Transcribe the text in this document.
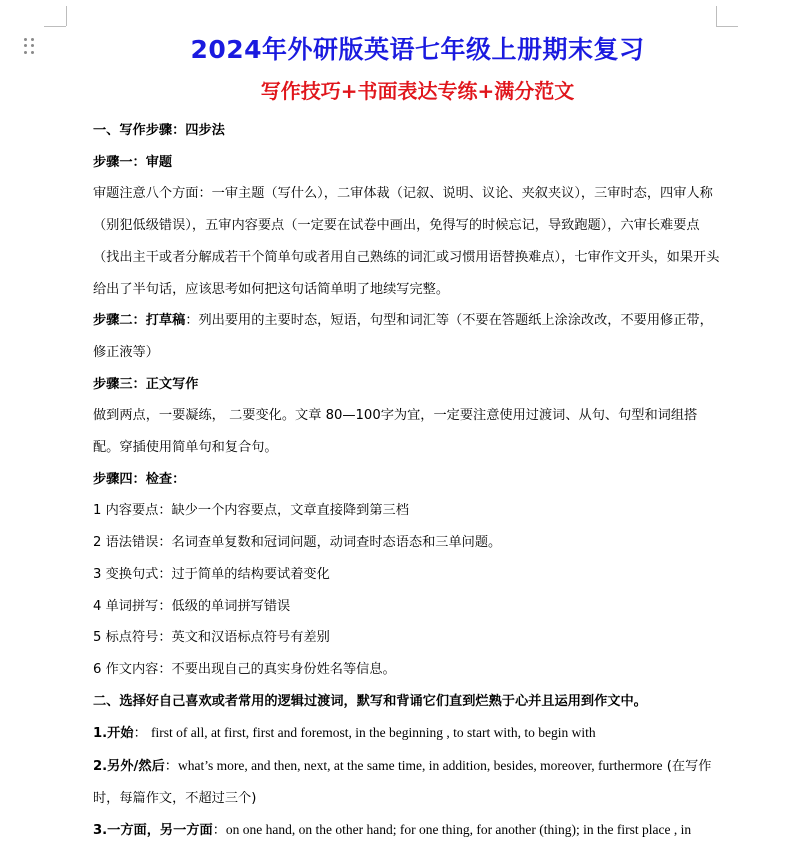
2024年外研版英语七年级上册期末复习
写作技巧+书面表达专练+满分范文

一、写作步骤：四步法

步骤一：审题

审题注意八个方面：一审主题（写什么），二审体裁（记叙、说明、议论、夹叙夹议），三审时态，四审人称（别犯低级错误），五审内容要点（一定要在试卷中画出，免得写的时候忘记，导致跑题），六审长难要点（找出主干或者分解成若干个简单句或者用自己熟练的词汇或习惯用语替换难点），七审作文开头，如果开头给出了半句话，应该思考如何把这句话简单明了地续写完整。

步骤二：打草稿：列出要用的主要时态，短语，句型和词汇等（不要在答题纸上涂涂改改，不要用修正带，修正液等）

步骤三：正文写作

做到两点，一要凝练， 二要变化。文章 80—100字为宜，一定要注意使用过渡词、从句、句型和词组搭配。穿插使用简单句和复合句。

步骤四：检查：

1 内容要点：缺少一个内容要点，文章直接降到第三档

2 语法错误：名词查单复数和冠词问题，动词查时态语态和三单问题。

3 变换句式：过于简单的结构要试着变化

4 单词拼写：低级的单词拼写错误

5 标点符号：英文和汉语标点符号有差别

6 作文内容：不要出现自己的真实身份姓名等信息。

二、选择好自己喜欢或者常用的逻辑过渡词，默写和背诵它们直到烂熟于心并且运用到作文中。

1.开始： first of all, at first, first and foremost, in the beginning , to start with, to begin with

2.另外/然后：what’s more, and then, next, at the same time, in addition, besides, moreover, furthermore (在写作时，每篇作文，不超过三个)

3.一方面，另一方面：on one hand, on the other hand; for one thing, for another (thing); in the first place , in
